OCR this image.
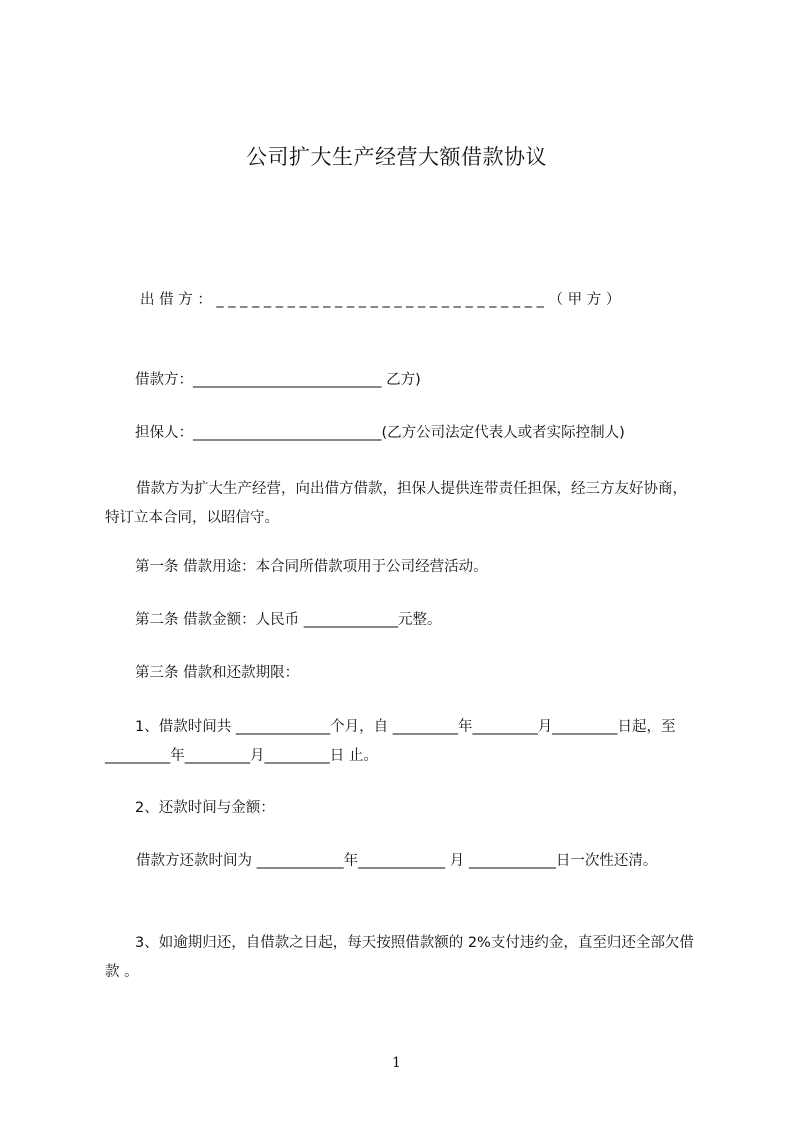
公司扩大生产经营大额借款协议
出 借 方 ： _ _ _ _ _ _ _ _ _ _ _ _ _ _ _ _ _ _ _ _ _ _ _ _ _ _ _ _ （ 甲 方 ）
借款方：__________________________ 乙方)
担保人：__________________________(乙方公司法定代表人或者实际控制人)
借款方为扩大生产经营，向出借方借款，担保人提供连带责任担保，经三方友好协商，特订立本合同，以昭信守。
第一条 借款用途：本合同所借款项用于公司经营活动。
第二条 借款金额：人民币 _____________元整。
第三条 借款和还款期限：
1、借款时间共 _____________个月，自 _________年_________月_________日起，至 _________年_________月_________日 止。
2、还款时间与金额：
借款方还款时间为 ____________年____________ 月 ____________日一次性还清。
3、如逾期归还，自借款之日起，每天按照借款额的 2%支付违约金，直至归还全部欠借款 。
1
